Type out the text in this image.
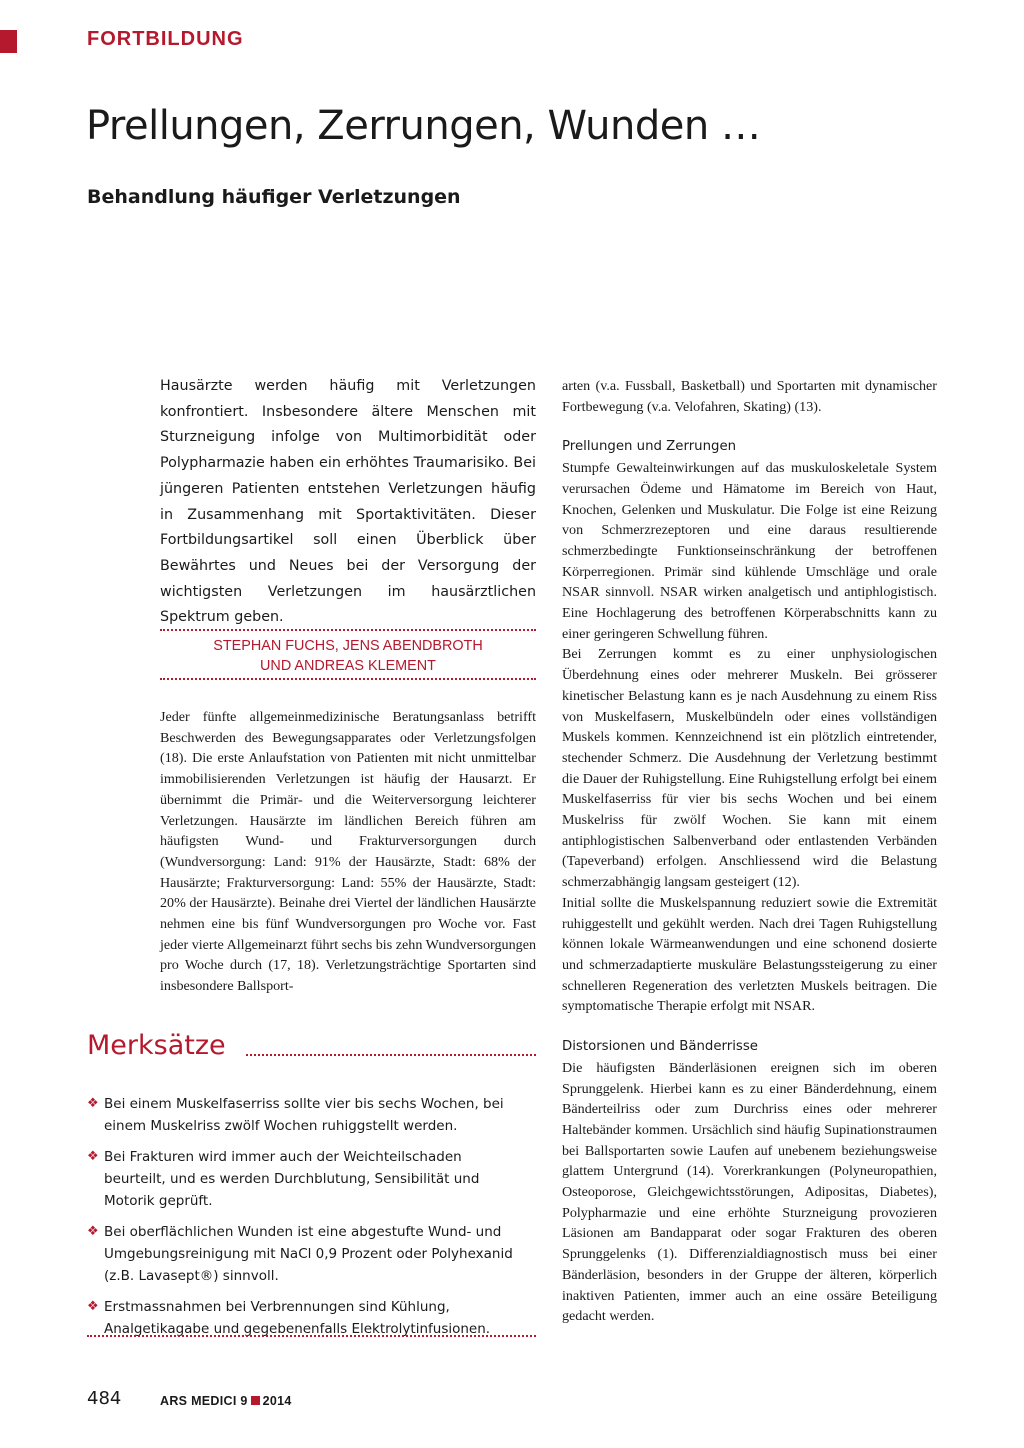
FORTBILDUNG
Prellungen, Zerrungen, Wunden …
Behandlung häufiger Verletzungen

Hausärzte werden häufig mit Verletzungen konfrontiert. Insbesondere ältere Menschen mit Sturzneigung infolge von Multimorbidität oder Polypharmazie haben ein erhöhtes Traumarisiko. Bei jüngeren Patienten entstehen Verletzungen häufig in Zusammenhang mit Sportaktivitäten. Dieser Fortbildungsartikel soll einen Überblick über Bewährtes und Neues bei der Versorgung der wichtigsten Verletzungen im hausärztlichen Spektrum geben.

STEPHAN FUCHS, JENS ABENDBROTH
UND ANDREAS KLEMENT

Jeder fünfte allgemeinmedizinische Beratungsanlass betrifft Beschwerden des Bewegungsapparates oder Verletzungsfolgen (18). Die erste Anlaufstation von Patienten mit nicht unmittelbar immobilisierenden Verletzungen ist häufig der Hausarzt. Er übernimmt die Primär- und die Weiterversorgung leichterer Verletzungen. Hausärzte im ländlichen Bereich führen am häufigsten Wund- und Frakturversorgungen durch (Wundversorgung: Land: 91% der Hausärzte, Stadt: 68% der Hausärzte; Frakturversorgung: Land: 55% der Hausärzte, Stadt: 20% der Hausärzte). Beinahe drei Viertel der ländlichen Hausärzte nehmen eine bis fünf Wundversorgungen pro Woche vor. Fast jeder vierte Allgemeinarzt führt sechs bis zehn Wundversorgungen pro Woche durch (17, 18). Verletzungsträchtige Sportarten sind insbesondere Ballsport-

Merksätze
❖ Bei einem Muskelfaserriss sollte vier bis sechs Wochen, bei einem Muskelriss zwölf Wochen ruhiggstellt werden.
❖ Bei Frakturen wird immer auch der Weichteilschaden beurteilt, und es werden Durchblutung, Sensibilität und Motorik geprüft.
❖ Bei oberflächlichen Wunden ist eine abgestufte Wund- und Umgebungsreinigung mit NaCl 0,9 Prozent oder Polyhexanid (z.B. Lavasept®) sinnvoll.
❖ Erstmassnahmen bei Verbrennungen sind Kühlung, Analgetikagabe und gegebenenfalls Elektrolytinfusionen.

arten (v.a. Fussball, Basketball) und Sportarten mit dynamischer Fortbewegung (v.a. Velofahren, Skating) (13).

Prellungen und Zerrungen

Stumpfe Gewalteinwirkungen auf das muskuloskeletale System verursachen Ödeme und Hämatome im Bereich von Haut, Knochen, Gelenken und Muskulatur. Die Folge ist eine Reizung von Schmerzrezeptoren und eine daraus resultierende schmerzbedingte Funktionseinschränkung der betroffenen Körperregionen. Primär sind kühlende Umschläge und orale NSAR sinnvoll. NSAR wirken analgetisch und antiphlogistisch. Eine Hochlagerung des betroffenen Körperabschnitts kann zu einer geringeren Schwellung führen.

Bei Zerrungen kommt es zu einer unphysiologischen Überdehnung eines oder mehrerer Muskeln. Bei grösserer kinetischer Belastung kann es je nach Ausdehnung zu einem Riss von Muskelfasern, Muskelbündeln oder eines vollständigen Muskels kommen. Kennzeichnend ist ein plötzlich eintretender, stechender Schmerz. Die Ausdehnung der Verletzung bestimmt die Dauer der Ruhigstellung. Eine Ruhigstellung erfolgt bei einem Muskelfaserriss für vier bis sechs Wochen und bei einem Muskelriss für zwölf Wochen. Sie kann mit einem antiphlogistischen Salbenverband oder entlastenden Verbänden (Tapeverband) erfolgen. Anschliessend wird die Belastung schmerzabhängig langsam gesteigert (12).

Initial sollte die Muskelspannung reduziert sowie die Extremität ruhiggestellt und gekühlt werden. Nach drei Tagen Ruhigstellung können lokale Wärmeanwendungen und eine schonend dosierte und schmerzadaptierte muskuläre Belastungssteigerung zu einer schnelleren Regeneration des verletzten Muskels beitragen. Die symptomatische Therapie erfolgt mit NSAR.

Distorsionen und Bänderrisse

Die häufigsten Bänderläsionen ereignen sich im oberen Sprunggelenk. Hierbei kann es zu einer Bänderdehnung, einem Bänderteilriss oder zum Durchriss eines oder mehrerer Haltebänder kommen. Ursächlich sind häufig Supinationstraumen bei Ballsportarten sowie Laufen auf unebenem beziehungsweise glattem Untergrund (14). Vorerkrankungen (Polyneuropathien, Osteoporose, Gleichgewichtsstörungen, Adipositas, Diabetes), Polypharmazie und eine erhöhte Sturzneigung provozieren Läsionen am Bandapparat oder sogar Frakturen des oberen Sprunggelenks (1). Differenzialdiagnostisch muss bei einer Bänderläsion, besonders in der Gruppe der älteren, körperlich inaktiven Patienten, immer auch an eine ossäre Beteiligung gedacht werden.

484	ARS MEDICI 9 2014
